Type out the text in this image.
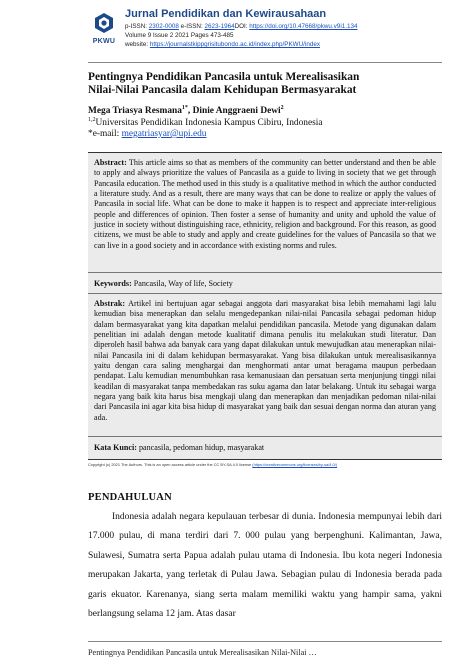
PKWU
Jurnal Pendidikan dan Kewirausahaan
p-ISSN: 2302-0008 e-ISSN: 2623-1964DOI: https://doi.org/10.47668/pkwu.v9i1.134
Volume 9 Issue 2 2021 Pages 473-485
website: https://journalstkippgrisitubondo.ac.id/index.php/PKWU/index
Pentingnya Pendidikan Pancasila untuk Merealisasikan
Nilai-Nilai Pancasila dalam Kehidupan Bermasyarakat
Mega Triasya Resmana$^{1*}$, Dinie Anggraeni Dewi$^2$
$^{1,2}$Universitas Pendidikan Indonesia Kampus Cibiru, Indonesia
*e-mail: megatriasyar@upi.edu

Abstract: This article aims so that as members of the community can better understand and then be able to apply and always prioritize the values of Pancasila as a guide to living in society that we get through Pancasila education. The method used in this study is a qualitative method in which the author conducted a literature study. And as a result, there are many ways that can be done to realize or apply the values of Pancasila in social life. What can be done to make it happen is to respect and appreciate inter-religious people and differences of opinion. Then foster a sense of humanity and unity and uphold the value of justice in society without distinguishing race, ethnicity, religion and background. For this reason, as good citizens, we must be able to study and apply and create guidelines for the values of Pancasila so that we can live in a good society and in accordance with existing norms and rules.

Keywords: Pancasila, Way of life, Society

Abstrak: Artikel ini bertujuan agar sebagai anggota dari masyarakat bisa lebih memahami lagi lalu kemudian bisa menerapkan dan selalu mengedepankan nilai-nilai Pancasila sebagai pedoman hidup dalam bermasyarakat yang kita dapatkan melalui pendidikan pancasila. Metode yang digunakan dalam penelitian ini adalah dengan metode kualitatif dimana penulis itu melakukan studi literatur. Dan diperoleh hasil bahwa ada banyak cara yang dapat dilakukan untuk mewujudkan atau menerapkan nilai-nilai Pancasila ini di dalam kehidupan bermasyarakat. Yang bisa dilakukan untuk merealisasikannya yaitu dengan cara saling menghargai dan menghormati antar umat beragama maupun perbedaan pendapat. Lalu kemudian menumbuhkan rasa kemanusiaan dan persatuan serta menjunjung tinggi nilai keadilan di masyarakat tanpa membedakan ras suku agama dan latar belakang. Untuk itu sebagai warga negara yang baik kita harus bisa mengkaji ulang dan menerapkan dan menjadikan pedoman nilai-nilai dari Pancasila ini agar kita bisa hidup di masyarakat yang baik dan sesuai dengan norma dan aturan yang ada.

Kata Kunci: pancasila, pedoman hidup, masyarakat

Copyright (c) 2021 The Authors. This is an open access article under the CC BY-SA 4.0 license (https://creativecommons.org/licenses/by-sa/4.0/)
PENDAHULUAN

Indonesia adalah negara kepulauan terbesar di dunia. Indonesia mempunyai lebih dari 17.000 pulau, di mana terdiri dari 7. 000 pulau yang berpenghuni. Kalimantan, Jawa, Sulawesi, Sumatra serta Papua adalah pulau utama di Indonesia. Ibu kota negeri Indonesia merupakan Jakarta, yang terletak di Pulau Jawa. Sebagian pulau di Indonesia berada pada garis ekuator. Karenanya, siang serta malam memiliki waktu yang hampir sama, yakni berlangsung selama 12 jam. Atas dasar

Pentingnya Pendidikan Pancasila untuk Merealisasikan Nilai-Nilai …
